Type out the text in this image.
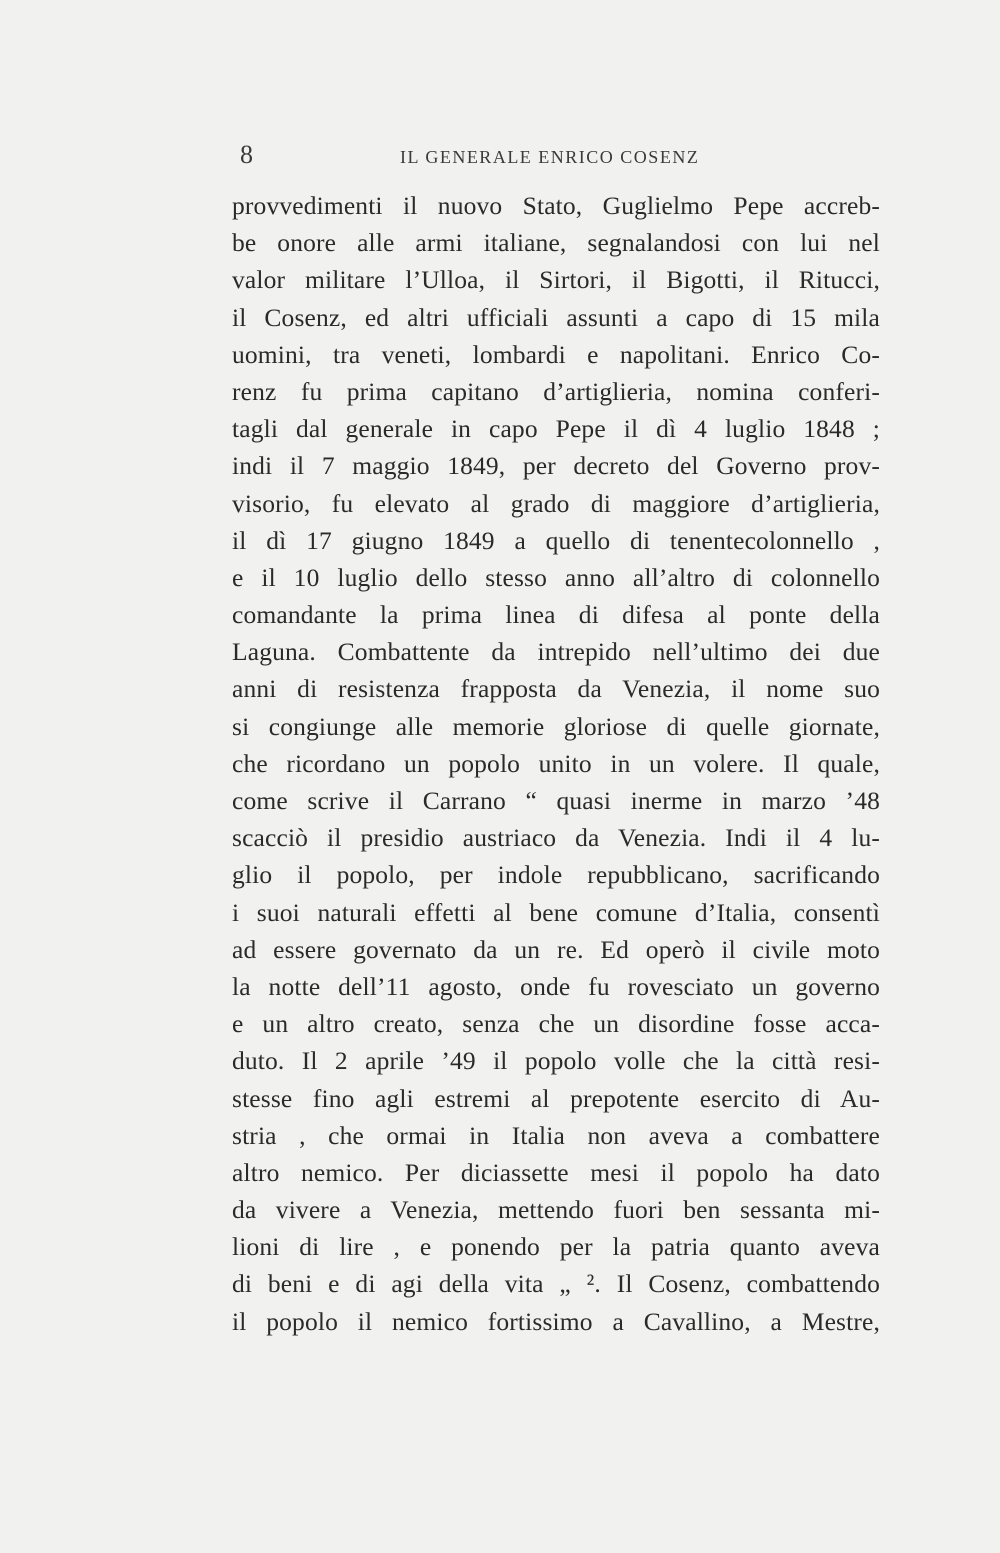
8	IL GENERALE ENRICO COSENZ
provvedimenti il nuovo Stato, Guglielmo Pepe accreb-
be onore alle armi italiane, segnalandosi con lui nel
valor militare l’Ulloa, il Sirtori, il Bigotti, il Ritucci,
il Cosenz, ed altri ufficiali assunti a capo di 15 mila
uomini, tra veneti, lombardi e napolitani. Enrico Co-
renz fu prima capitano d’artiglieria, nomina conferi-
tagli dal generale in capo Pepe il dì 4 luglio 1848 ;
indi il 7 maggio 1849, per decreto del Governo prov-
visorio, fu elevato al grado di maggiore d’artiglieria,
il dì 17 giugno 1849 a quello di tenentecolonnello ,
e il 10 luglio dello stesso anno all’altro di colonnello
comandante la prima linea di difesa al ponte della
Laguna. Combattente da intrepido nell’ultimo dei due
anni di resistenza frapposta da Venezia, il nome suo
si congiunge alle memorie gloriose di quelle giornate,
che ricordano un popolo unito in un volere. Il quale,
come scrive il Carrano “ quasi inerme in marzo ’48
scacciò il presidio austriaco da Venezia. Indi il 4 lu-
glio il popolo, per indole repubblicano, sacrificando
i suoi naturali effetti al bene comune d’Italia, consentì
ad essere governato da un re. Ed operò il civile moto
la notte dell’11 agosto, onde fu rovesciato un governo
e un altro creato, senza che un disordine fosse acca-
duto. Il 2 aprile ’49 il popolo volle che la città resi-
stesse fino agli estremi al prepotente esercito di Au-
stria , che ormai in Italia non aveva a combattere
altro nemico. Per diciassette mesi il popolo ha dato
da vivere a Venezia, mettendo fuori ben sessanta mi-
lioni di lire , e ponendo per la patria quanto aveva
di beni e di agi della vita „ ². Il Cosenz, combattendo
il popolo il nemico fortissimo a Cavallino, a Mestre,
